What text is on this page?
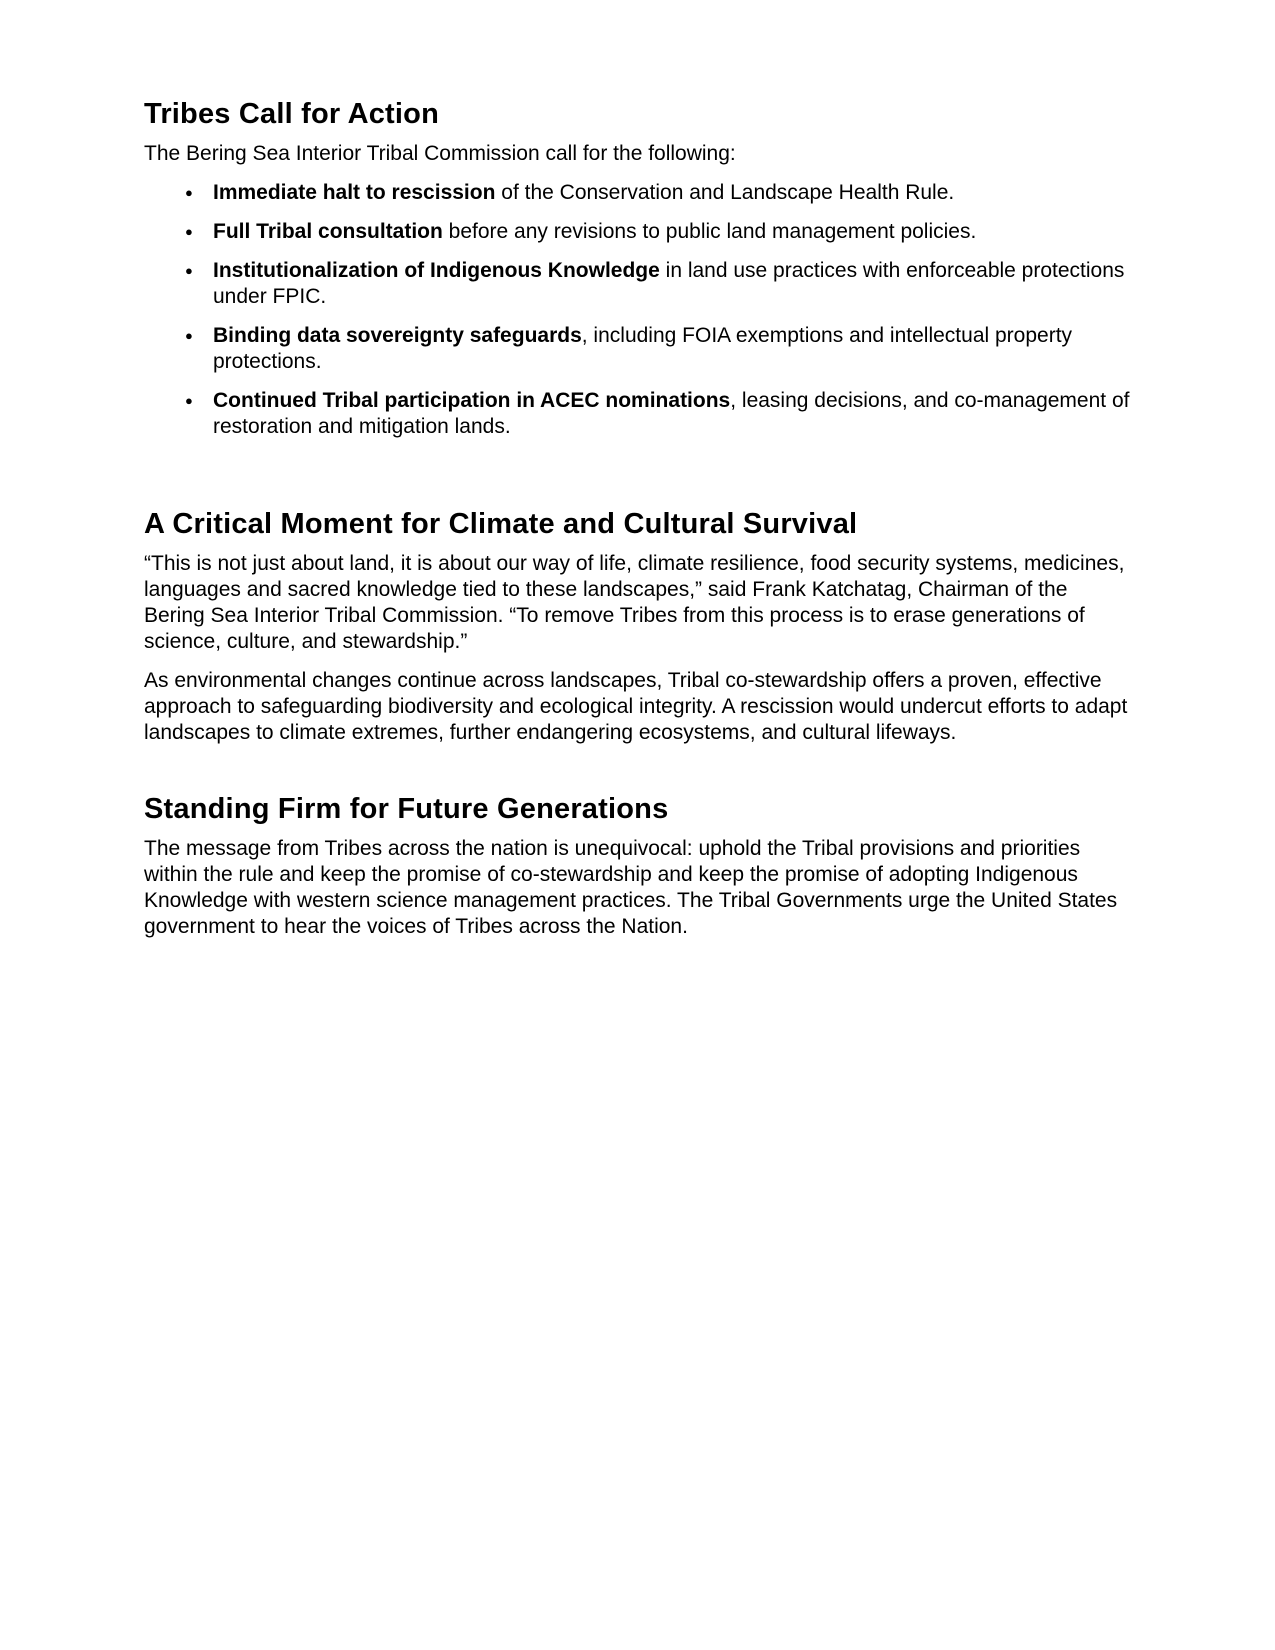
Tribes Call for Action

The Bering Sea Interior Tribal Commission call for the following:

● Immediate halt to rescission of the Conservation and Landscape Health Rule.
● Full Tribal consultation before any revisions to public land management policies.
● Institutionalization of Indigenous Knowledge in land use practices with enforceable protections under FPIC.
● Binding data sovereignty safeguards, including FOIA exemptions and intellectual property protections.
● Continued Tribal participation in ACEC nominations, leasing decisions, and co-management of restoration and mitigation lands.
A Critical Moment for Climate and Cultural Survival

“This is not just about land, it is about our way of life, climate resilience, food security systems, medicines, languages and sacred knowledge tied to these landscapes,” said Frank Katchatag, Chairman of the Bering Sea Interior Tribal Commission. “To remove Tribes from this process is to erase generations of science, culture, and stewardship.”

As environmental changes continue across landscapes, Tribal co-stewardship offers a proven, effective approach to safeguarding biodiversity and ecological integrity. A rescission would undercut efforts to adapt landscapes to climate extremes, further endangering ecosystems, and cultural lifeways.

Standing Firm for Future Generations

The message from Tribes across the nation is unequivocal: uphold the Tribal provisions and priorities within the rule and keep the promise of co-stewardship and keep the promise of adopting Indigenous Knowledge with western science management practices. The Tribal Governments urge the United States government to hear the voices of Tribes across the Nation.
